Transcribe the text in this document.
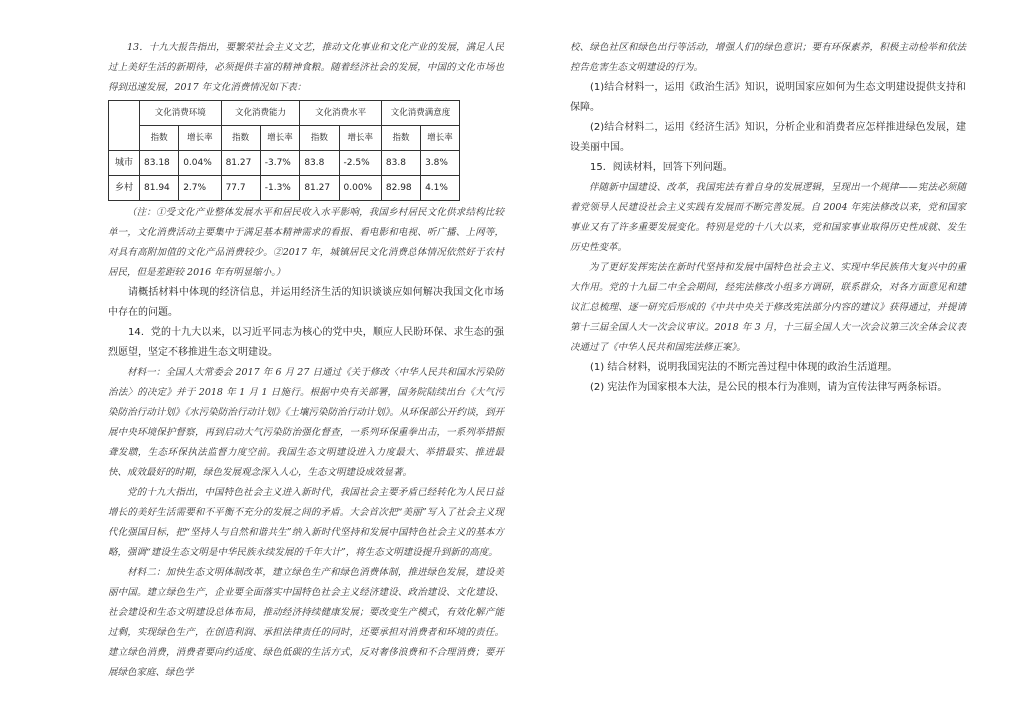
13．十九大报告指出，要繁荣社会主义文艺，推动文化事业和文化产业的发展，满足人民过上美好生活的新期待，必须提供丰富的精神食粮。随着经济社会的发展，中国的文化市场也得到迅速发展，2017 年文化消费情况如下表：

	文化消费环境		文化消费能力		文化消费水平		文化消费满意度	
	指数	增长率	指数	增长率	指数	增长率	指数	增长率
城市	83.18	0.04%	81.27	-3.7%	83.8	-2.5%	83.8	3.8%
乡村	81.94	2.7%	77.7	-1.3%	81.27	0.00%	82.98	4.1%

（注：①受文化产业整体发展水平和居民收入水平影响，我国乡村居民文化供求结构比较单一，文化消费活动主要集中于满足基本精神需求的看报、看电影和电视、听广播、上网等，对具有高附加值的文化产品消费较少。②2017 年，城镇居民文化消费总体情况依然好于农村居民，但是差距较 2016 年有明显缩小。）

请概括材料中体现的经济信息，并运用经济生活的知识谈谈应如何解决我国文化市场中存在的问题。

14．党的十九大以来，以习近平同志为核心的党中央，顺应人民盼环保、求生态的强烈愿望，坚定不移推进生态文明建设。

材料一：全国人大常委会 2017 年 6 月 27 日通过《关于修改〈中华人民共和国水污染防治法〉的决定》并于 2018 年 1 月 1 日施行。根据中央有关部署，国务院陆续出台《大气污染防治行动计划》《水污染防治行动计划》《土壤污染防治行动计划》。从环保部公开约谈，到开展中央环境保护督察，再到启动大气污染防治强化督查，一系列环保重拳出击，一系列举措振聋发聩，生态环保执法监督力度空前。我国生态文明建设进入力度最大、举措最实、推进最快、成效最好的时期，绿色发展观念深入人心，生态文明建设成效显著。

党的十九大指出，中国特色社会主义进入新时代，我国社会主要矛盾已经转化为人民日益增长的美好生活需要和不平衡不充分的发展之间的矛盾。大会首次把“美丽”写入了社会主义现代化强国目标，把“坚持人与自然和谐共生”纳入新时代坚持和发展中国特色社会主义的基本方略，强调“建设生态文明是中华民族永续发展的千年大计”，将生态文明建设提升到新的高度。

材料二：加快生态文明体制改革，建立绿色生产和绿色消费体制，推进绿色发展，建设美丽中国。建立绿色生产，企业要全面落实中国特色社会主义经济建设、政治建设、文化建设、社会建设和生态文明建设总体布局，推动经济持续健康发展；要改变生产模式，有效化解产能过剩，实现绿色生产，在创造利润、承担法律责任的同时，还要承担对消费者和环境的责任。建立绿色消费，消费者要向约适度、绿色低碳的生活方式，反对奢侈浪费和不合理消费；要开展绿色家庭、绿色学

校、绿色社区和绿色出行等活动，增强人们的绿色意识；要有环保素养，积极主动检举和依法控告危害生态文明建设的行为。

(1)结合材料一，运用《政治生活》知识，说明国家应如何为生态文明建设提供支持和保障。

(2)结合材料二，运用《经济生活》知识，分析企业和消费者应怎样推进绿色发展，建设美丽中国。

15．阅读材料，回答下列问题。

伴随新中国建设、改革，我国宪法有着自身的发展逻辑，呈现出一个规律——宪法必须随着党领导人民建设社会主义实践有发展而不断完善发展。自 2004 年宪法修改以来，党和国家事业又有了许多重要发展变化。特别是党的十八大以来，党和国家事业取得历史性成就、发生历史性变革。

为了更好发挥宪法在新时代坚持和发展中国特色社会主义、实现中华民族伟大复兴中的重大作用。党的十九届二中全会期间，经宪法修改小组多方调研，联系群众，对各方面意见和建议汇总梳理、逐一研究后形成的《中共中央关于修改宪法部分内容的建议》获得通过，并提请第十三届全国人大一次会议审议。2018 年 3 月，十三届全国人大一次会议第三次全体会议表决通过了《中华人民共和国宪法修正案》。

(1) 结合材料，说明我国宪法的不断完善过程中体现的政治生活道理。

(2) 宪法作为国家根本大法，是公民的根本行为准则，请为宣传法律写两条标语。
